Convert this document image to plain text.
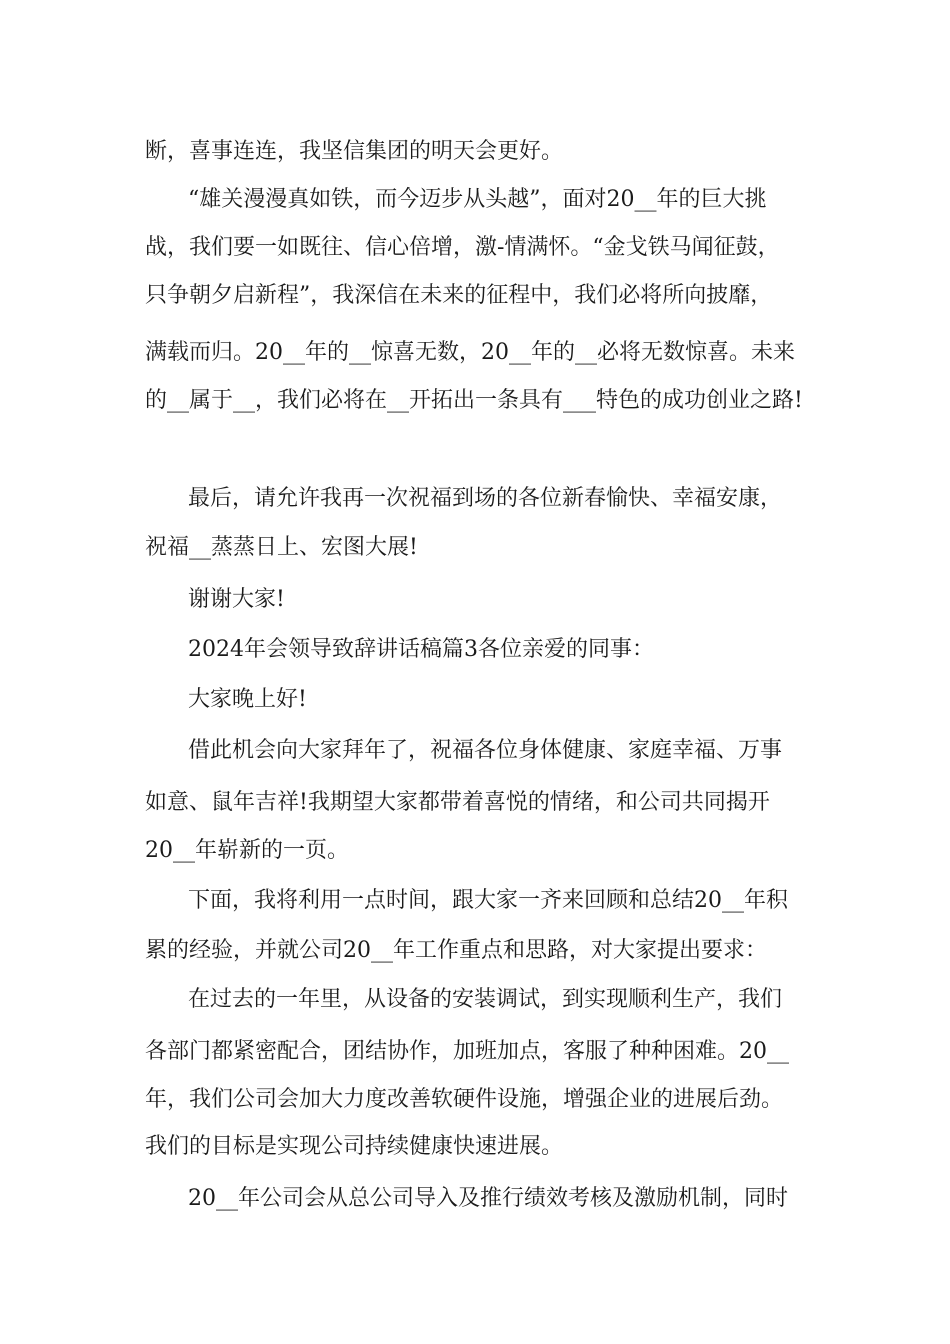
断，喜事连连，我坚信集团的明天会更好。

“雄关漫漫真如铁，而今迈步从头越”，面对20__年的巨大挑

战，我们要一如既往、信心倍增，激-情满怀。“金戈铁马闻征鼓，

只争朝夕启新程”，我深信在未来的征程中，我们必将所向披靡，

满载而归。20__年的__惊喜无数，20__年的__必将无数惊喜。未来

的__属于__，我们必将在__开拓出一条具有___特色的成功创业之路!

最后，请允许我再一次祝福到场的各位新春愉快、幸福安康，

祝福__蒸蒸日上、宏图大展!

谢谢大家!

2024年会领导致辞讲话稿篇3各位亲爱的同事：

大家晚上好!

借此机会向大家拜年了，祝福各位身体健康、家庭幸福、万事

如意、鼠年吉祥!我期望大家都带着喜悦的情绪，和公司共同揭开

20__年崭新的一页。

下面，我将利用一点时间，跟大家一齐来回顾和总结20__年积

累的经验，并就公司20__年工作重点和思路，对大家提出要求：

在过去的一年里，从设备的安装调试，到实现顺利生产，我们

各部门都紧密配合，团结协作，加班加点，客服了种种困难。20__

年，我们公司会加大力度改善软硬件设施，增强企业的进展后劲。

我们的目标是实现公司持续健康快速进展。

20__年公司会从总公司导入及推行绩效考核及激励机制，同时
